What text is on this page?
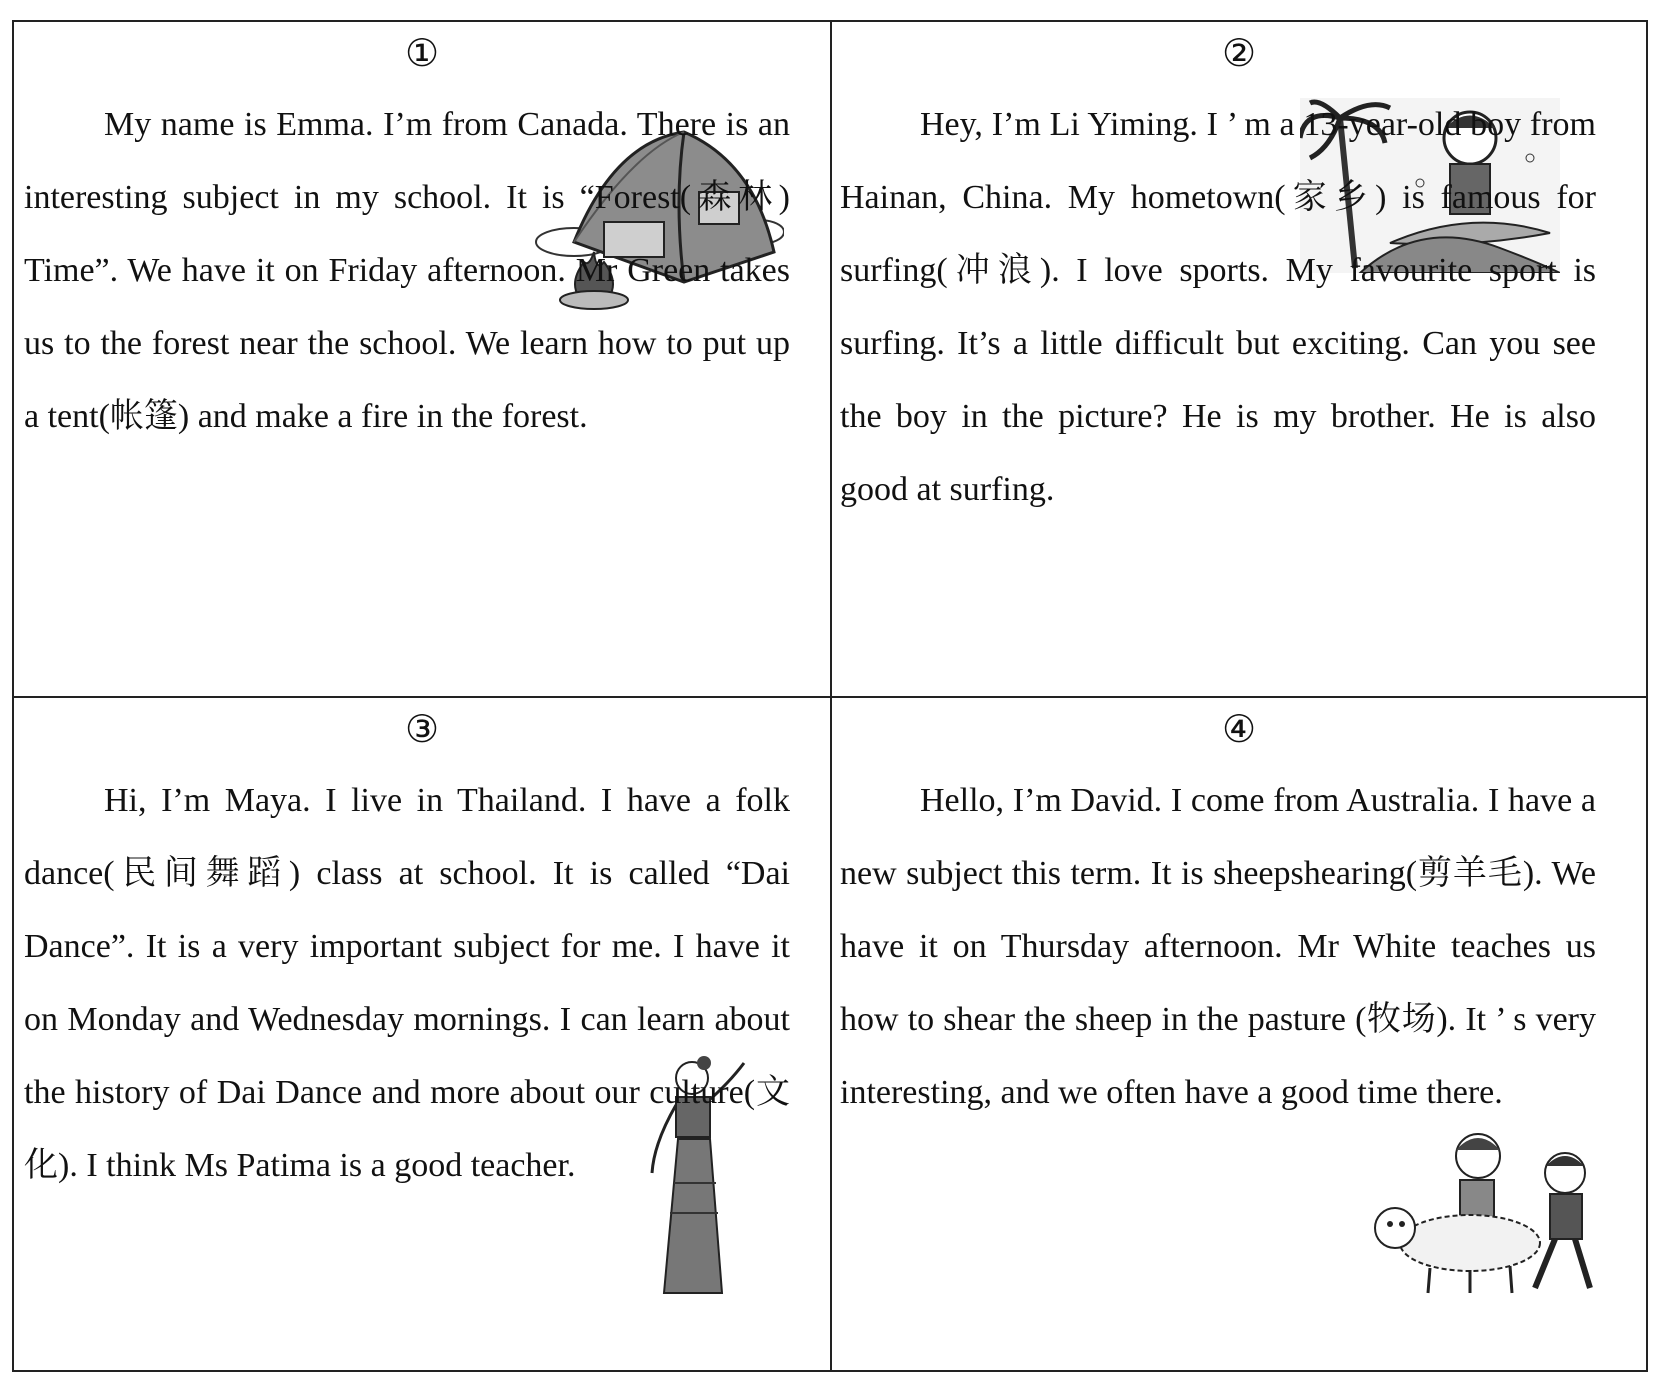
①

My name is Emma. I’m from Canada. There is an interesting subject in my school. It is “Forest(森林) Time”. We have it on Friday afternoon. Mr Green takes us to the forest near the school. We learn how to put up a tent(帐篷) and make a fire in the forest.

②

Hey, I’m Li Yiming. I ’ m a 13-year-old boy from Hainan, China. My hometown(家乡) is famous for surfing(冲浪). I love sports. My favourite sport is surfing. It’s a little difficult but exciting. Can you see the boy in the picture? He is my brother. He is also good at surfing.

③

Hi, I’m Maya. I live in Thailand. I have a folk dance(民间舞蹈) class at school. It is called “Dai Dance”. It is a very important subject for me. I have it on Monday and Wednesday mornings. I can learn about the history of Dai Dance and more about our culture(文化). I think Ms Patima is a good teacher.

④

Hello, I’m David. I come from Australia. I have a new subject this term. It is sheepshearing(剪羊毛). We have it on Thursday afternoon. Mr White teaches us how to shear the sheep in the pasture (牧场). It ’ s very interesting, and we often have a good time there.
